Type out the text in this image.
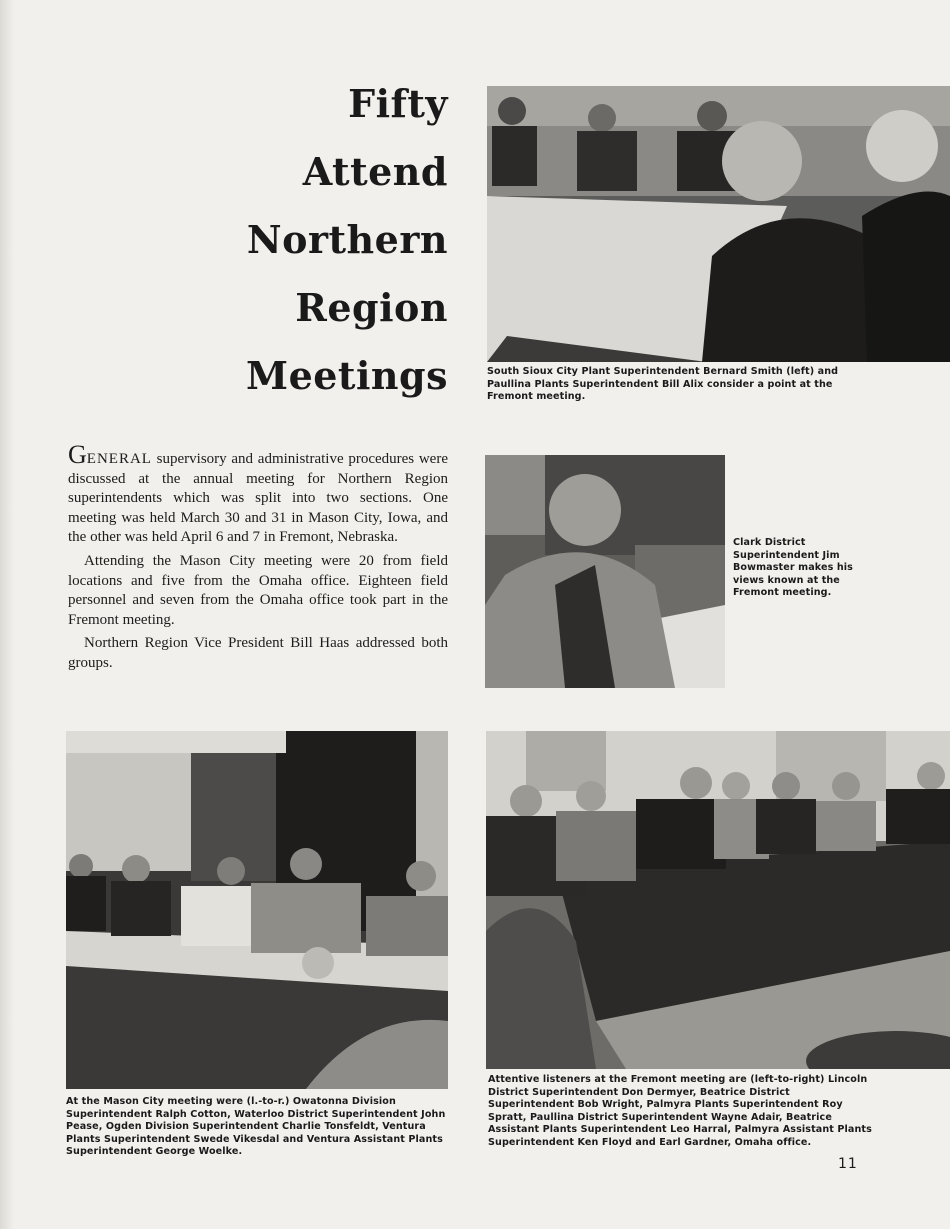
Fifty
Attend
Northern
Region
Meetings	South Sioux City Plant Superintendent Bernard Smith (left) and Paullina Plants Superintendent Bill Alix consider a point at the Fremont meeting.

GENERAL supervisory and administrative procedures were discussed at the annual meeting for Northern Region superintendents which was split into two sections. One meeting was held March 30 and 31 in Mason City, Iowa, and the other was held April 6 and 7 in Fremont, Nebraska.

Attending the Mason City meeting were 20 from field locations and five from the Omaha office. Eighteen field personnel and seven from the Omaha office took part in the Fremont meeting.

Northern Region Vice President Bill Haas addressed both groups.

Clark District Superintendent Jim Bowmaster makes his views known at the Fremont meeting.
At the Mason City meeting were (l.-to-r.) Owatonna Division Superintendent Ralph Cotton, Waterloo District Superintendent John Pease, Ogden Division Superintendent Charlie Tonsfeldt, Ventura Plants Superintendent Swede Vikesdal and Ventura Assistant Plants Superintendent George Woelke.
Attentive listeners at the Fremont meeting are (left-to-right) Lincoln District Superintendent Don Dermyer, Beatrice District Superintendent Bob Wright, Palmyra Plants Superintendent Roy Spratt, Paullina District Superintendent Wayne Adair, Beatrice Assistant Plants Superintendent Leo Harral, Palmyra Assistant Plants Superintendent Ken Floyd and Earl Gardner, Omaha office.
11
